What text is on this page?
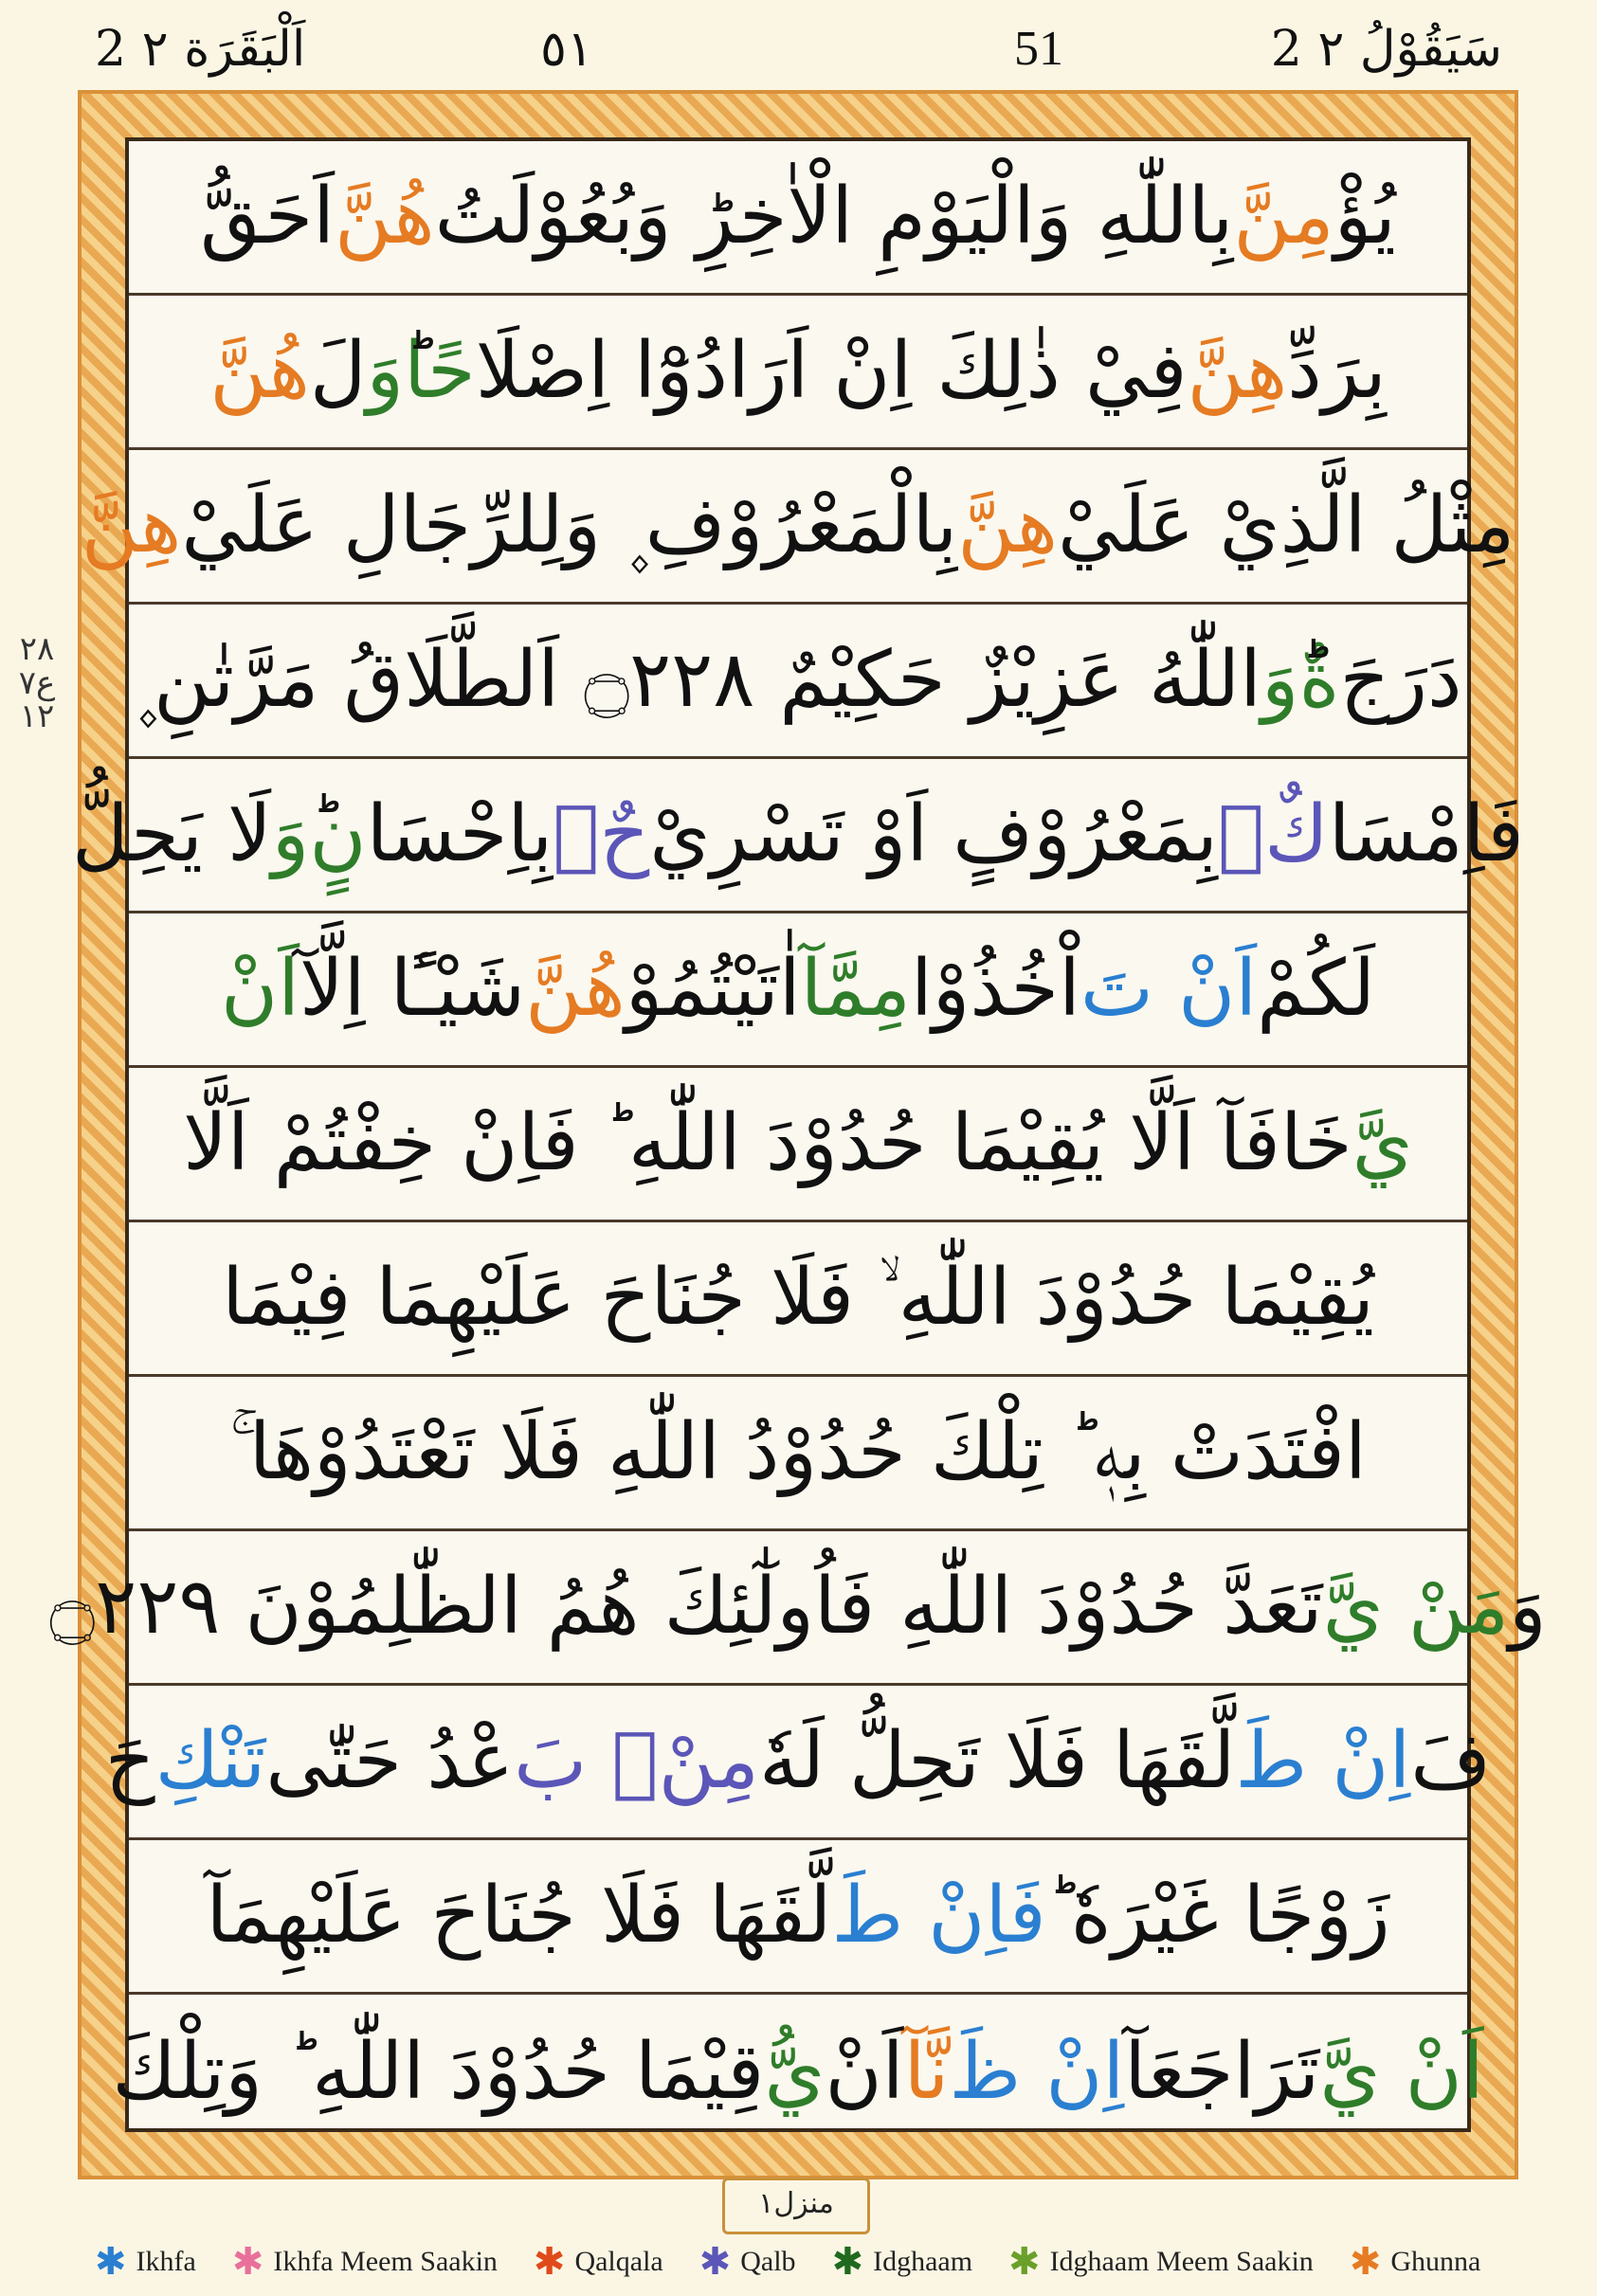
2 اَلْبَقَرَة ٢	٥١	51	2 سَيَقُوْلُ ٢
٢٨
ع٧
١٢
يُؤْ
مِنَّ
بِاللّٰهِ وَالْيَوْمِ الْاٰخِرِؕ وَبُعُوْلَتُ
هُنَّ
اَحَقُّ
بِرَدِّ
هِنَّ
فِيْ ذٰلِكَ اِنْ اَرَادُوْٓا اِصْلَا
حًا
وَ
لَ
هُنَّ
مِثْلُ الَّذِيْ عَلَيْ
هِنَّ
بِالْمَعْرُوْفِ ۪ وَلِلرِّجَالِ عَلَيْ
هِنَّ
دَرَجَ
ةٌ
وَ
اللّٰهُ عَزِيْزٌ حَكِيْمٌ ۝٢٢٨ اَلطَّلَاقُ مَرَّتٰنِ ۪
فَاِمْسَا
كٌۢ
بِمَعْرُوْفٍ اَوْ تَسْرِيْ
حٌۢ
بِاِحْسَا
نٍ
وَ
لَا يَحِلُّ
لَكُمْ
اَنْ تَ
اْخُذُوْا
مِمَّآ
اٰتَيْتُمُوْ
هُنَّ
شَيْـًٔا اِلَّآ
اَنْ
يَّ
خَافَآ اَلَّا يُقِيْمَا حُدُوْدَ اللّٰهِ ؕ فَاِنْ خِفْتُمْ اَلَّا
يُقِيْمَا حُدُوْدَ اللّٰهِ ۙ فَلَا جُنَاحَ عَلَيْهِمَا فِيْمَا
افْتَدَتْ بِهٖ ؕ تِلْكَ حُدُوْدُ اللّٰهِ فَلَا تَعْتَدُوْهَا ۚ
وَ
مَنْ يَّ
تَعَدَّ حُدُوْدَ اللّٰهِ فَاُولٰٓئِكَ هُمُ الظّٰلِمُوْنَ ۝٢٢٩
فَ
اِنْ طَ
لَّقَهَا فَلَا تَحِلُّ لَهٗ
مِنْۢ بَ
عْدُ حَتّٰى
تَنْكِ
حَ
زَوْجًا غَيْرَهٗ ؕ
فَاِنْ طَ
لَّقَهَا فَلَا جُنَاحَ عَلَيْهِمَآ
اَنْ يَّ
تَرَاجَعَآ
اِنْ ظَ
نَّآ
اَنْ
يُّ
قِيْمَا حُدُوْدَ اللّٰهِ ؕ وَتِلْكَ
منزل١
✱ Ikhfa ✱ Ikhfa Meem Saakin ✱ Qalqala ✱ Qalb ✱ Idghaam ✱ Idghaam Meem Saakin ✱ Ghunna
